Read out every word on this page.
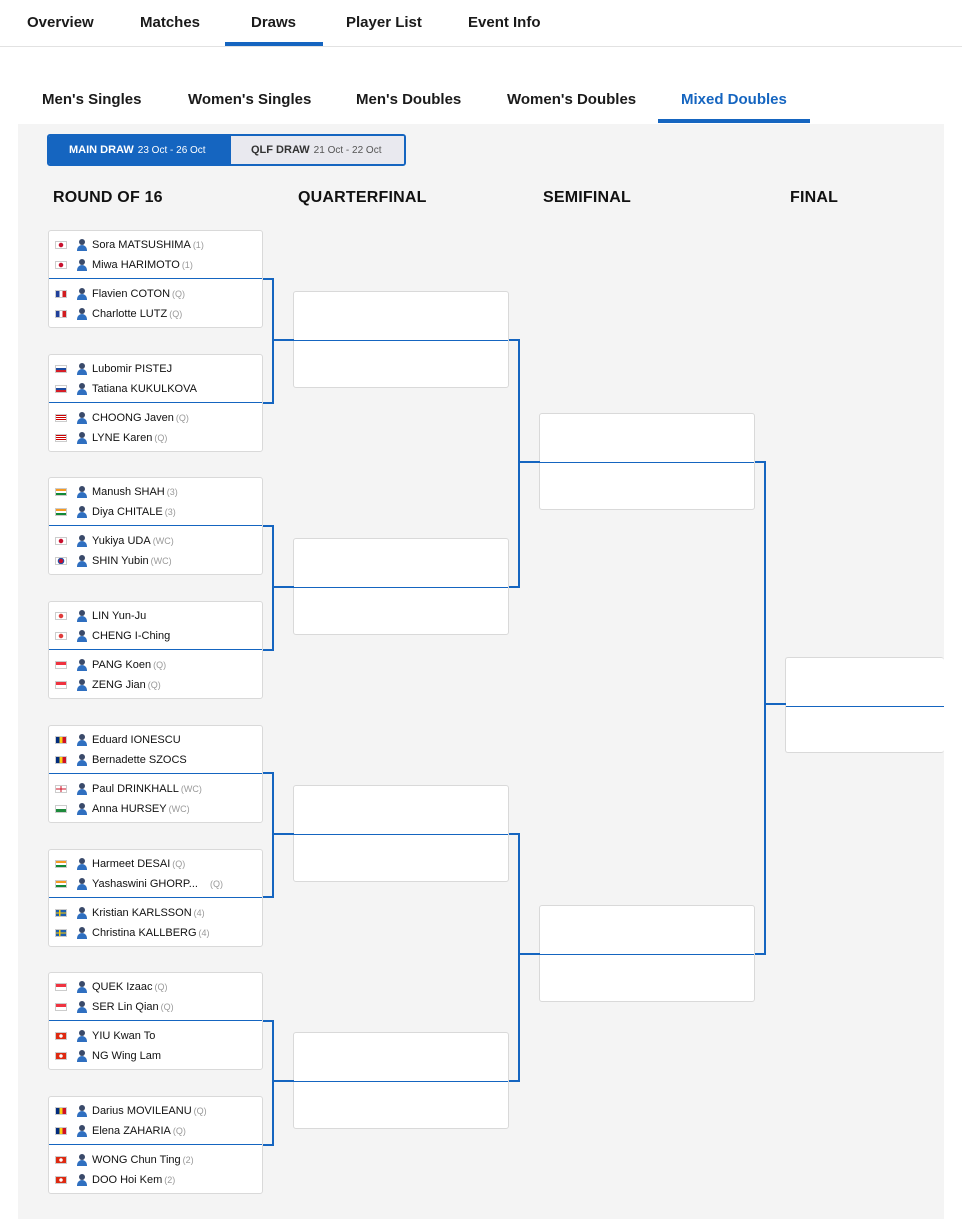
Overview	Matches	Draws	Player List	Event Info
Men's Singles	Women's Singles	Men's Doubles	Women's Doubles	Mixed Doubles
MAIN DRAW 23 Oct - 26 Oct	QLF DRAW 21 Oct - 22 Oct
ROUND OF 16	QUARTERFINAL	SEMIFINAL	FINAL
Sora MATSUSHIMA (1)
Miwa HARIMOTO (1)
Flavien COTON (Q)
Charlotte LUTZ (Q)
Lubomir PISTEJ
Tatiana KUKULKOVA
CHOONG Javen (Q)
LYNE Karen (Q)
Manush SHAH (3)
Diya CHITALE (3)
Yukiya UDA (WC)
SHIN Yubin (WC)
LIN Yun-Ju
CHENG I-Ching
PANG Koen (Q)
ZENG Jian (Q)
Eduard IONESCU
Bernadette SZOCS
Paul DRINKHALL (WC)
Anna HURSEY (WC)
Harmeet DESAI (Q)
Yashaswini GHORP... (Q)
Kristian KARLSSON (4)
Christina KALLBERG (4)
QUEK Izaac (Q)
SER Lin Qian (Q)
YIU Kwan To
NG Wing Lam
Darius MOVILEANU (Q)
Elena ZAHARIA (Q)
WONG Chun Ting (2)
DOO Hoi Kem (2)
